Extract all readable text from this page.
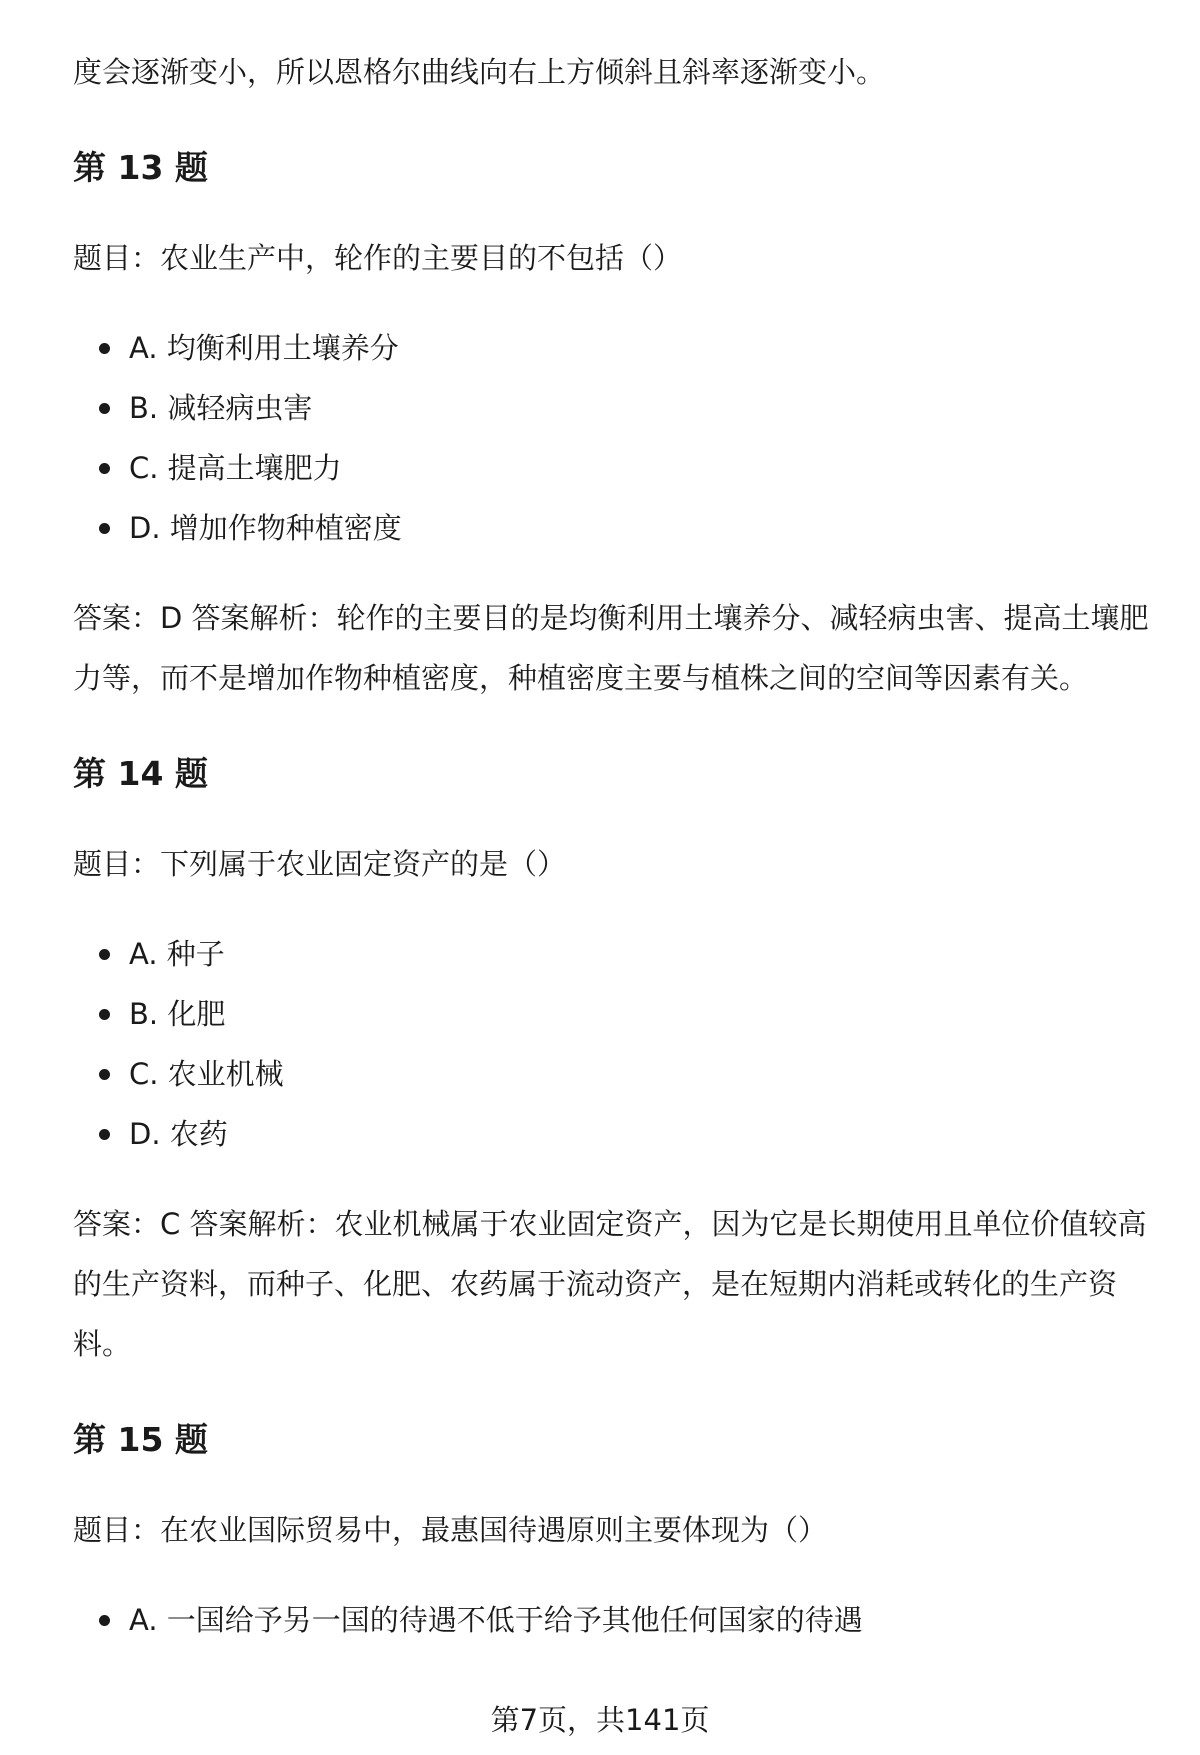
度会逐渐变小，所以恩格尔曲线向右上方倾斜且斜率逐渐变小。

第 13 题

题目：农业生产中，轮作的主要目的不包括（）

A. 均衡利用土壤养分
B. 减轻病虫害
C. 提高土壤肥力
D. 增加作物种植密度

答案：D 答案解析：轮作的主要目的是均衡利用土壤养分、减轻病虫害、提高土壤肥力等，而不是增加作物种植密度，种植密度主要与植株之间的空间等因素有关。

第 14 题

题目：下列属于农业固定资产的是（）

A. 种子
B. 化肥
C. 农业机械
D. 农药

答案：C 答案解析：农业机械属于农业固定资产，因为它是长期使用且单位价值较高的生产资料，而种子、化肥、农药属于流动资产，是在短期内消耗或转化的生产资料。

第 15 题

题目：在农业国际贸易中，最惠国待遇原则主要体现为（）

A. 一国给予另一国的待遇不低于给予其他任何国家的待遇
第7页，共141页
